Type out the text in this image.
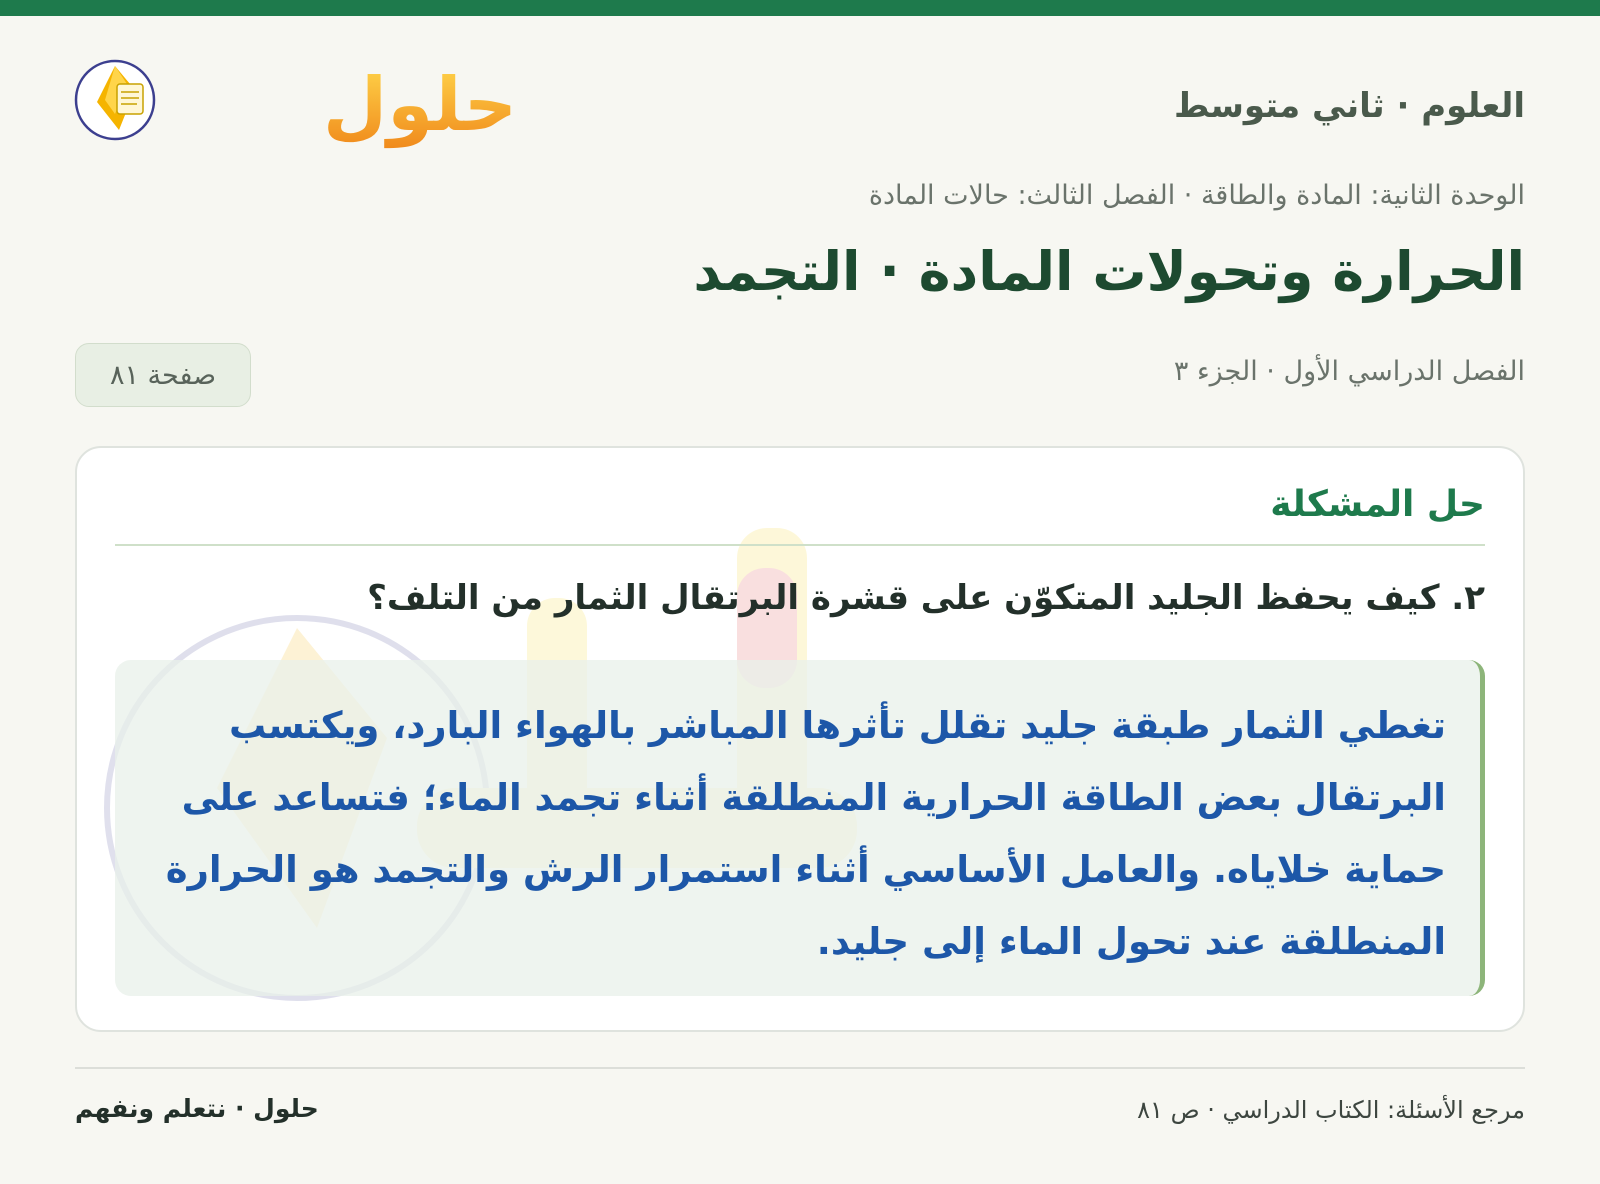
العلوم · ثاني متوسط
حلول
الوحدة الثانية: المادة والطاقة · الفصل الثالث: حالات المادة
الحرارة وتحولات المادة · التجمد
الفصل الدراسي الأول · الجزء ٣
صفحة ٨١
حل المشكلة
٢. كيف يحفظ الجليد المتكوّن على قشرة البرتقال الثمار من التلف؟

تغطي الثمار طبقة جليد تقلل تأثرها المباشر بالهواء البارد، ويكتسب البرتقال بعض الطاقة الحرارية المنطلقة أثناء تجمد الماء؛ فتساعد على حماية خلاياه. والعامل الأساسي أثناء استمرار الرش والتجمد هو الحرارة المنطلقة عند تحول الماء إلى جليد.

مرجع الأسئلة: الكتاب الدراسي · ص ٨١
حلول · نتعلم ونفهم
